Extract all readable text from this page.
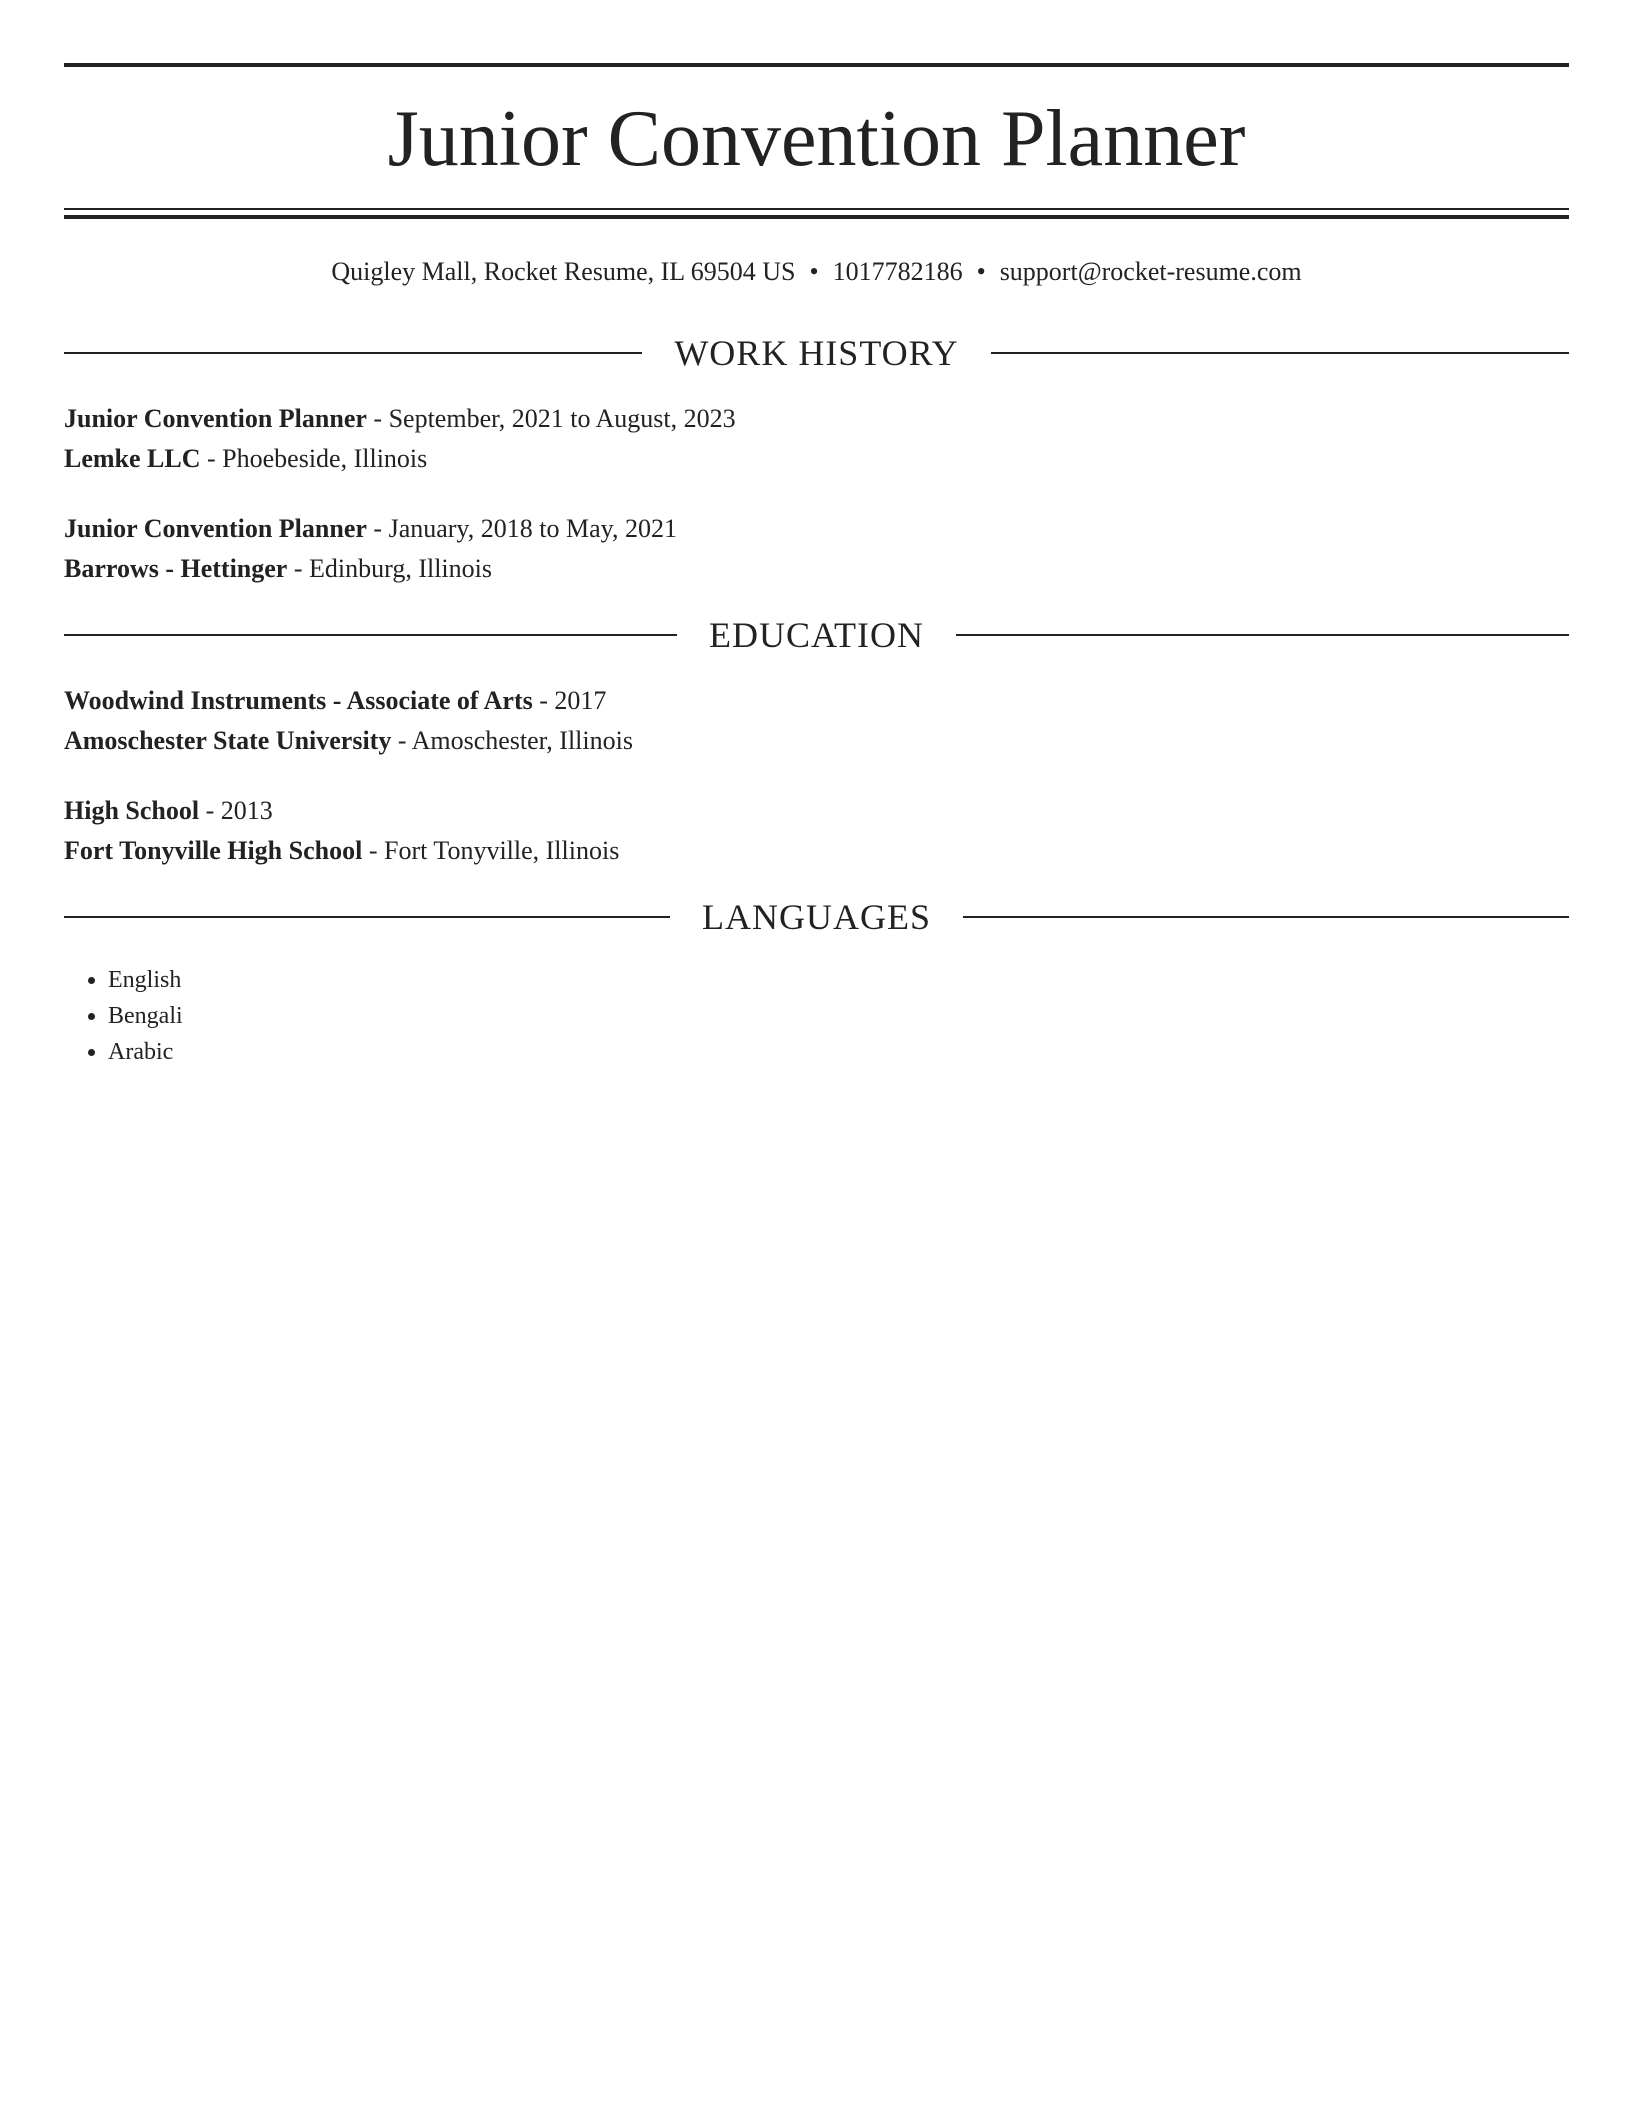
Junior Convention Planner
Quigley Mall, Rocket Resume, IL 69504 US • 1017782186 • support@rocket-resume.com
WORK HISTORY
Junior Convention Planner - September, 2021 to August, 2023
Lemke LLC - Phoebeside, Illinois
Junior Convention Planner - January, 2018 to May, 2021
Barrows - Hettinger - Edinburg, Illinois
EDUCATION
Woodwind Instruments - Associate of Arts - 2017
Amoschester State University - Amoschester, Illinois
High School - 2013
Fort Tonyville High School - Fort Tonyville, Illinois
LANGUAGES
• English
• Bengali
• Arabic
